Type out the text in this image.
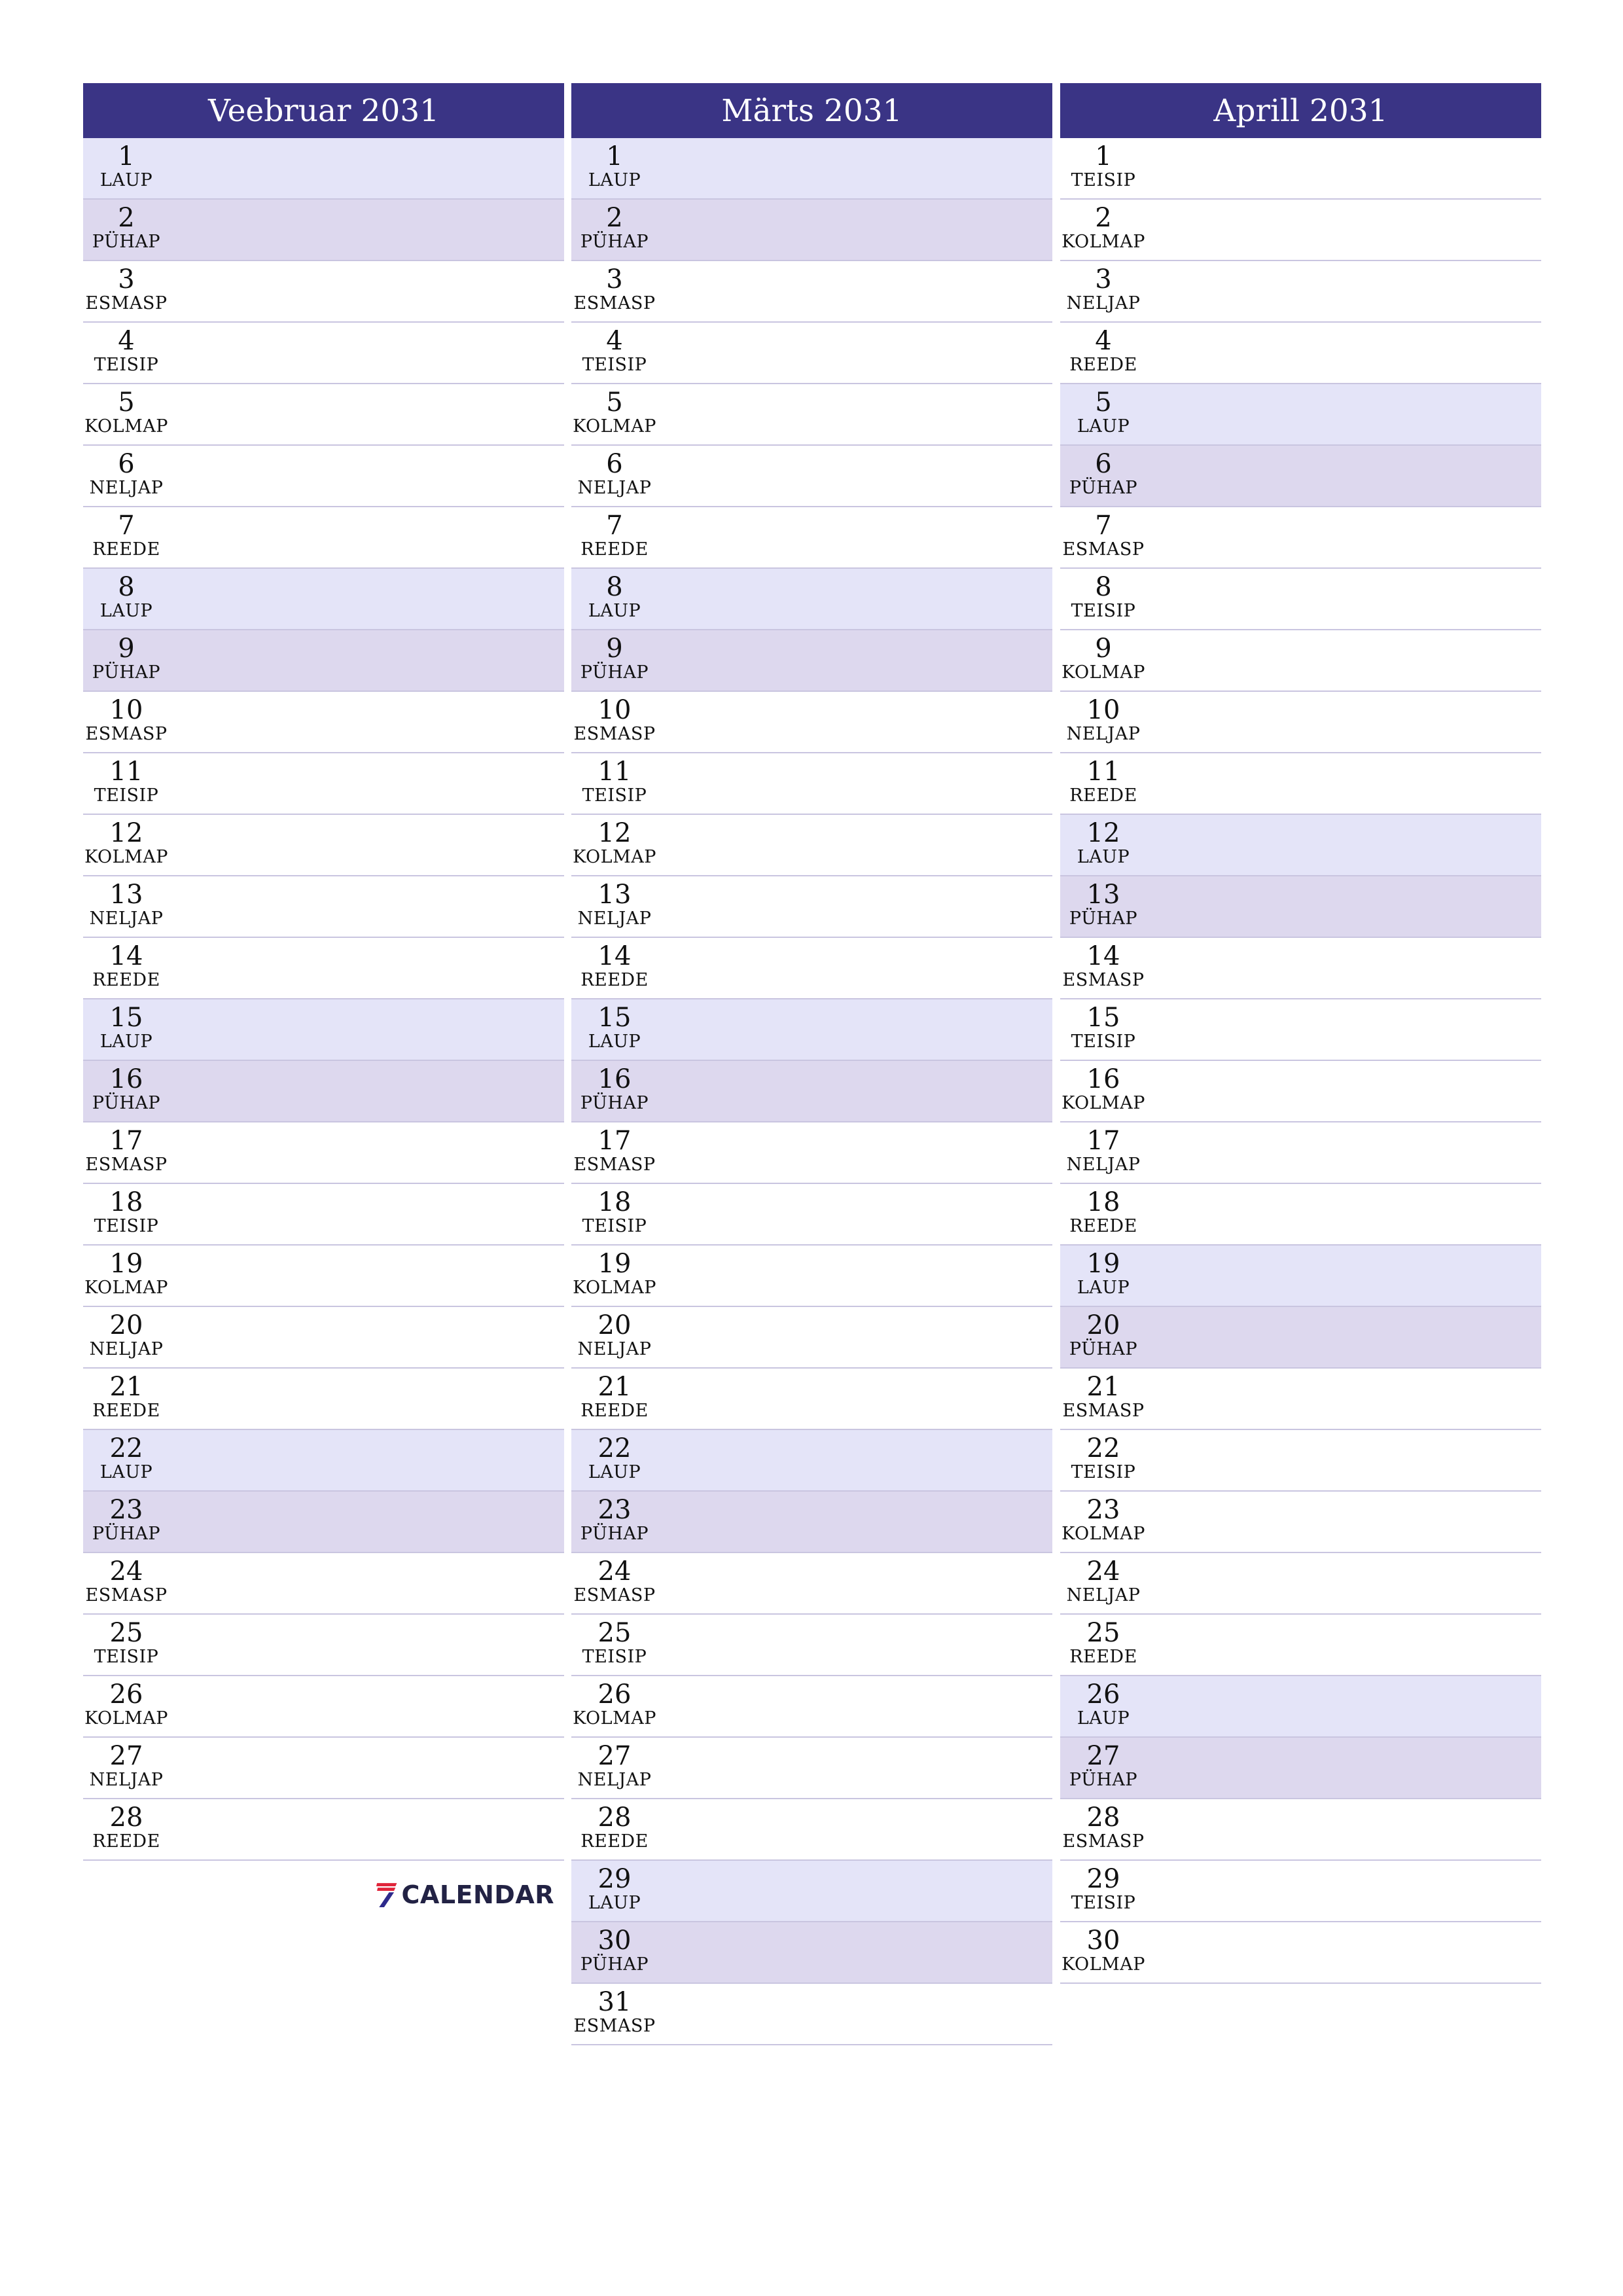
Veebruar 2031
1
LAUP
2
PÜHAP
3
ESMASP
4
TEISIP
5
KOLMAP
6
NELJAP
7
REEDE
8
LAUP
9
PÜHAP
10
ESMASP
11
TEISIP
12
KOLMAP
13
NELJAP
14
REEDE
15
LAUP
16
PÜHAP
17
ESMASP
18
TEISIP
19
KOLMAP
20
NELJAP
21
REEDE
22
LAUP
23
PÜHAP
24
ESMASP
25
TEISIP
26
KOLMAP
27
NELJAP
28
REEDE
Märts 2031
1
LAUP
2
PÜHAP
3
ESMASP
4
TEISIP
5
KOLMAP
6
NELJAP
7
REEDE
8
LAUP
9
PÜHAP
10
ESMASP
11
TEISIP
12
KOLMAP
13
NELJAP
14
REEDE
15
LAUP
16
PÜHAP
17
ESMASP
18
TEISIP
19
KOLMAP
20
NELJAP
21
REEDE
22
LAUP
23
PÜHAP
24
ESMASP
25
TEISIP
26
KOLMAP
27
NELJAP
28
REEDE
29
LAUP
30
PÜHAP
31
ESMASP
Aprill 2031
1
TEISIP
2
KOLMAP
3
NELJAP
4
REEDE
5
LAUP
6
PÜHAP
7
ESMASP
8
TEISIP
9
KOLMAP
10
NELJAP
11
REEDE
12
LAUP
13
PÜHAP
14
ESMASP
15
TEISIP
16
KOLMAP
17
NELJAP
18
REEDE
19
LAUP
20
PÜHAP
21
ESMASP
22
TEISIP
23
KOLMAP
24
NELJAP
25
REEDE
26
LAUP
27
PÜHAP
28
ESMASP
29
TEISIP
30
KOLMAP
CALENDAR
